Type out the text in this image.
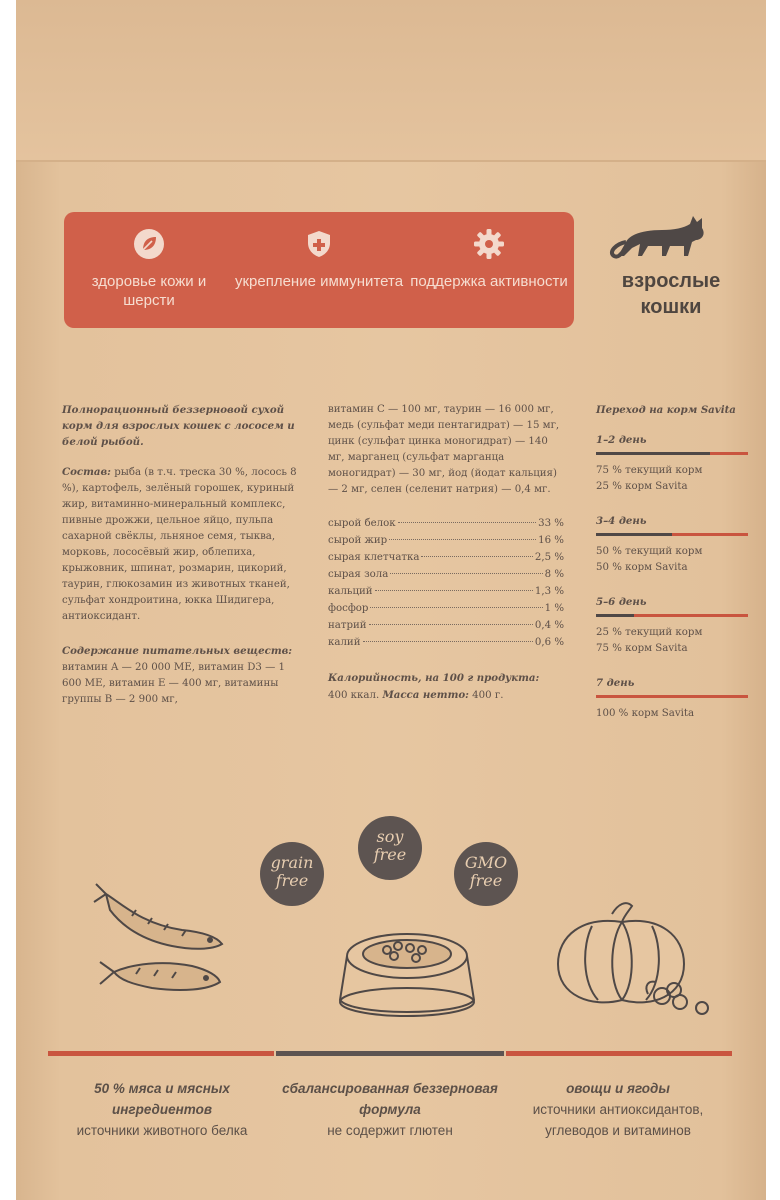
здоровье кожи и шерсти
укрепление иммунитета поддержка активности	взрослые кошки

Полнорационный беззерновой сухой корм для взрослых кошек с лососем и белой рыбой.

Состав: рыба (в т.ч. треска 30 %, лосось 8 %), картофель, зелёный горошек, куриный жир, витаминно-минеральный комплекс, пивные дрожжи, цельное яйцо, пульпа сахарной свёклы, льняное семя, тыква, морковь, лососёвый жир, облепиха, крыжовник, шпинат, розмарин, цикорий, таурин, глюкозамин из животных тканей, сульфат хондроитина, юкка Шидигера, антиоксидант.

Содержание питательных веществ:
витамин A — 20 000 МЕ, витамин D3 — 1 600 МЕ, витамин E — 400 мг, витамины группы B — 2 900 мг,

витамин C — 100 мг, таурин — 16 000 мг, медь (сульфат меди пентагидрат) — 15 мг, цинк (сульфат цинка моногидрат) — 140 мг, марганец (сульфат марганца моногидрат) — 30 мг, йод (йодат кальция) — 2 мг, селен (селенит натрия) — 0,4 мг.

сырой белок	33 %
сырой жир	16 %
сырая клетчатка	2,5 %
сырая зола	8 %
кальций	1,3 %
фосфор	1 %
натрий	0,4 %
калий	0,6 %

Калорийность, на 100 г продукта:
400 ккал. Масса нетто: 400 г.

Переход на корм Savita
1–2 день
75 % текущий корм
25 % корм Savita
3–4 день
50 % текущий корм
50 % корм Savita
5–6 день
25 % текущий корм
75 % корм Savita
7 день
100 % корм Savita
grain
free
soy
free	GMO
free
50 % мяса и мясных ингредиентов
источники животного белка
сбалансированная беззерновая формула
не содержит глютен
овощи и ягоды
источники антиоксидантов, углеводов и витаминов
